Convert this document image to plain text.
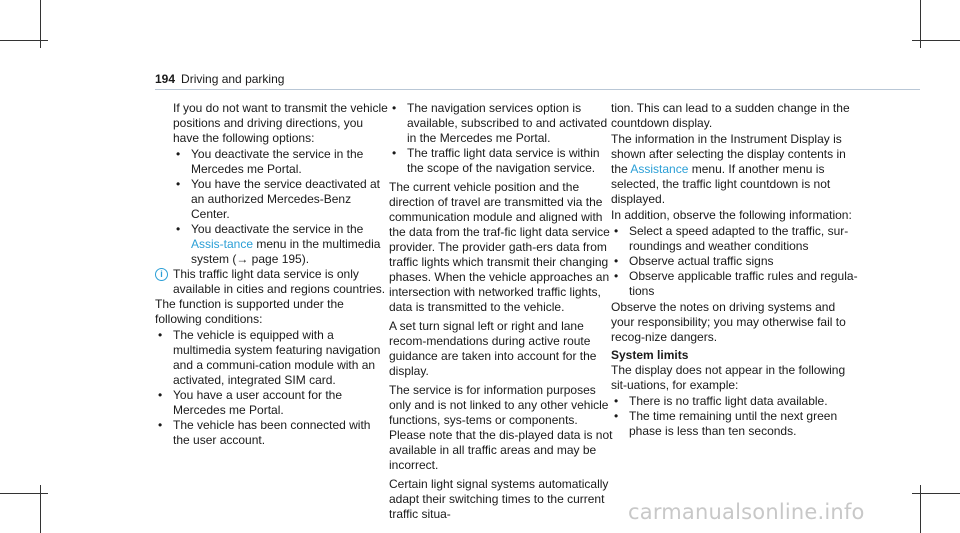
194 Driving and parking

If you do not want to transmit the vehicle positions and driving directions, you have the following options:

• You deactivate the service in the Mercedes me Portal.

• You have the service deactivated at an authorized Mercedes-Benz Center.

• You deactivate the service in the Assis-tance menu in the multimedia system (→ page 195).

i This traffic light data service is only available in cities and regions countries.

The function is supported under the following conditions:

• The vehicle is equipped with a multimedia system featuring navigation and a communi-cation module with an activated, integrated SIM card.

• You have a user account for the Mercedes me Portal.

• The vehicle has been connected with the user account.

• The navigation services option is available, subscribed to and activated in the Mercedes me Portal.

• The traffic light data service is within the scope of the navigation service.

The current vehicle position and the direction of travel are transmitted via the communication module and aligned with the data from the traf-fic light data service provider. The provider gath-ers data from traffic lights which transmit their changing phases. When the vehicle approaches an intersection with networked traffic lights, data is transmitted to the vehicle.

A set turn signal left or right and lane recom-mendations during active route guidance are taken into account for the display.

The service is for information purposes only and is not linked to any other vehicle functions, sys-tems or components. Please note that the dis-played data is not available in all traffic areas and may be incorrect.

Certain light signal systems automatically adapt their switching times to the current traffic situa-

tion. This can lead to a sudden change in the countdown display.

The information in the Instrument Display is shown after selecting the display contents in the Assistance menu. If another menu is selected, the traffic light countdown is not displayed.

In addition, observe the following information:

• Select a speed adapted to the traffic, sur-roundings and weather conditions

• Observe actual traffic signs

• Observe applicable traffic rules and regula-tions

Observe the notes on driving systems and your responsibility; you may otherwise fail to recog-nize dangers.

System limits

The display does not appear in the following sit-uations, for example:

• There is no traffic light data available.

• The time remaining until the next green phase is less than ten seconds.

carmanualsonline.info
